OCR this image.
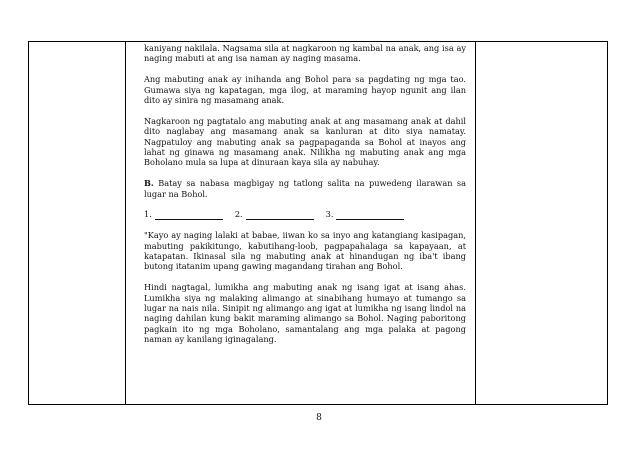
kaniyang nakilala. Nagsama sila at nagkaroon ng kambal na anak, ang isa ay naging mabuti at ang isa naman ay naging masama.

Ang mabuting anak ay inihanda ang Bohol para sa pagdating ng mga tao. Gumawa siya ng kapatagan, mga ilog, at maraming hayop ngunit ang ilan dito ay sinira ng masamang anak.

Nagkaroon ng pagtatalo ang mabuting anak at ang masamang anak at dahil dito naglabay ang masamang anak sa kanluran at dito siya namatay. Nagpatuloy ang mabuting anak sa pagpapaganda sa Bohol at inayos ang lahat ng ginawa ng masamang anak. Nilikha ng mabuting anak ang mga Boholano mula sa lupa at dinuraan kaya sila ay nabuhay.

B. Batay sa nabasa magbigay ng tatlong salita na puwedeng ilarawan sa lugar na Bohol.

1.	2.	3.

"Kayo ay naging lalaki at babae, iiwan ko sa inyo ang katangiang kasipagan, mabuting pakikitungo, kabutihang-loob, pagpapahalaga sa kapayaan, at katapatan. Ikinasal sila ng mabuting anak at hinandugan ng iba't ibang butong itatanim upang gawing magandang tirahan ang Bohol.

Hindi nagtagal, lumikha ang mabuting anak ng isang igat at isang ahas. Lumikha siya ng malaking alimango at sinabihang humayo at tumango sa lugar na nais nila. Sinipit ng alimango ang igat at lumikha ng isang lindol na naging dahilan kung bakit maraming alimango sa Bohol. Naging paboritong pagkain ito ng mga Boholano, samantalang ang mga palaka at pagong naman ay kanilang iginagalang.

8
